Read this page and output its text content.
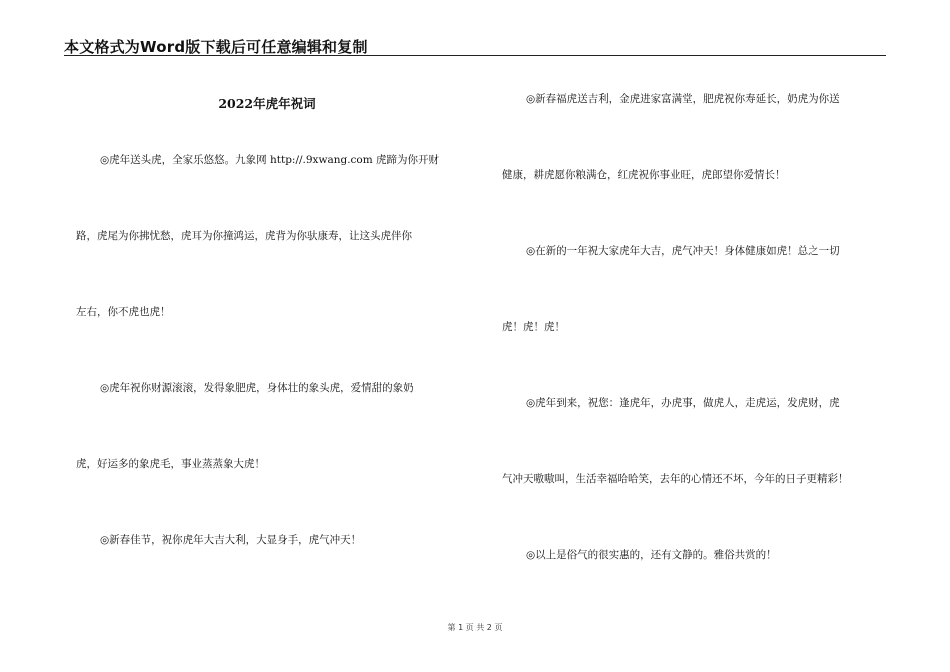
本文格式为Word版下载后可任意编辑和复制
2022年虎年祝词
◎虎年送头虎，全家乐悠悠。九象网 http://.9xwang.com 虎蹄为你开财
路，虎尾为你拂忧愁，虎耳为你撞鸿运，虎背为你驮康寿，让这头虎伴你
左右，你不虎也虎！
◎虎年祝你财源滚滚，发得象肥虎，身体壮的象头虎，爱情甜的象奶
虎，好运多的象虎毛，事业蒸蒸象大虎！
◎新春佳节，祝你虎年大吉大利，大显身手，虎气冲天！
◎新春福虎送吉利，金虎进家富满堂，肥虎祝你寿延长，奶虎为你送
健康，耕虎愿你粮满仓，红虎祝你事业旺，虎郎望你爱情长！
◎在新的一年祝大家虎年大吉，虎气冲天！身体健康如虎！总之一切
虎！虎！虎！
◎虎年到来，祝您：逢虎年，办虎事，做虎人，走虎运，发虎财，虎
气冲天嗷嗷叫，生活幸福哈哈笑，去年的心情还不坏，今年的日子更精彩！
◎以上是俗气的很实惠的，还有文静的。雅俗共赏的！
第 1 页 共 2 页
